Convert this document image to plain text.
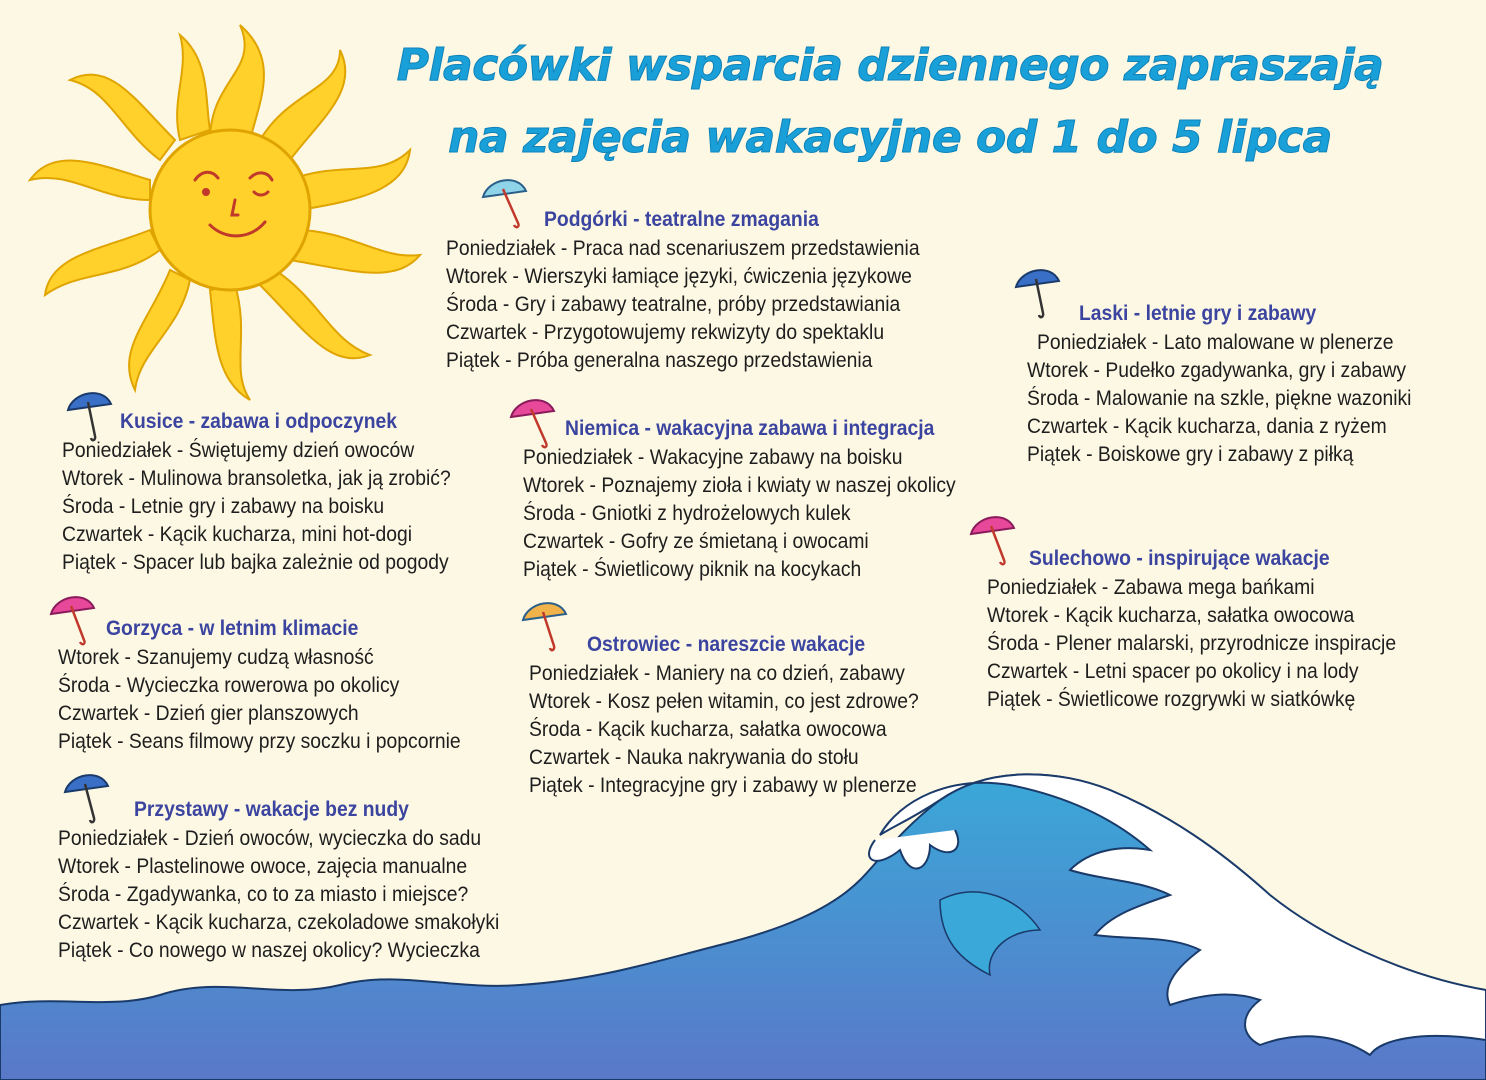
Placówki wsparcia dziennego zapraszają
na zajęcia wakacyjne od 1 do 5 lipca
Podgórki - teatralne zmagania
Poniedziałek - Praca nad scenariuszem przedstawienia
Wtorek - Wierszyki łamiące języki, ćwiczenia językowe
Środa - Gry i zabawy teatralne, próby przedstawiania
Czwartek - Przygotowujemy rekwizyty do spektaklu
Piątek - Próba generalna naszego przedstawienia
Kusice - zabawa i odpoczynek
Poniedziałek - Świętujemy dzień owoców
Wtorek - Mulinowa bransoletka, jak ją zrobić?
Środa - Letnie gry i zabawy na boisku
Czwartek - Kącik kucharza, mini hot-dogi
Piątek - Spacer lub bajka zależnie od pogody
Gorzyca - w letnim klimacie
Wtorek - Szanujemy cudzą własność
Środa - Wycieczka rowerowa po okolicy
Czwartek - Dzień gier planszowych
Piątek - Seans filmowy przy soczku i popcornie
Przystawy - wakacje bez nudy
Poniedziałek - Dzień owoców, wycieczka do sadu
Wtorek - Plastelinowe owoce, zajęcia manualne
Środa - Zgadywanka, co to za miasto i miejsce?
Czwartek - Kącik kucharza, czekoladowe smakołyki
Piątek - Co nowego w naszej okolicy? Wycieczka
Niemica - wakacyjna zabawa i integracja
Poniedziałek - Wakacyjne zabawy na boisku
Wtorek - Poznajemy zioła i kwiaty w naszej okolicy
Środa - Gniotki z hydrożelowych kulek
Czwartek - Gofry ze śmietaną i owocami
Piątek - Świetlicowy piknik na kocykach
Ostrowiec - nareszcie wakacje
Poniedziałek - Maniery na co dzień, zabawy
Wtorek - Kosz pełen witamin, co jest zdrowe?
Środa - Kącik kucharza, sałatka owocowa
Czwartek - Nauka nakrywania do stołu
Piątek - Integracyjne gry i zabawy w plenerze
Laski - letnie gry i zabawy
Poniedziałek - Lato malowane w plenerze
Wtorek - Pudełko zgadywanka, gry i zabawy
Środa - Malowanie na szkle, piękne wazoniki
Czwartek - Kącik kucharza, dania z ryżem
Piątek - Boiskowe gry i zabawy z piłką
Sulechowo - inspirujące wakacje
Poniedziałek - Zabawa mega bańkami
Wtorek - Kącik kucharza, sałatka owocowa
Środa - Plener malarski, przyrodnicze inspiracje
Czwartek - Letni spacer po okolicy i na lody
Piątek - Świetlicowe rozgrywki w siatkówkę
